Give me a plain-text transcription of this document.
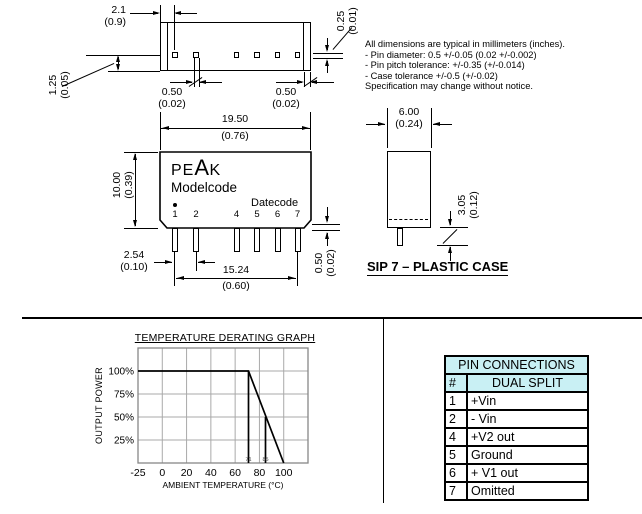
1	2	4	5	6	7
PEAK
Modelcode
Datecode
2.1
(0.9)
1.25 (0.05)	0.50
(0.02)
0.50
(0.02)
0.25 (0.01)
19.50
(0.76)
10.00 (0.39)
2.54
(0.10)	15.24
(0.60)
0.50 (0.02)
6.00
(0.24)
3.05 (0.12)
All dimensions are typical in millimeters (inches).
- Pin diameter: 0.5 +/-0.05 (0.02 +/-0.002)
- Pin pitch tolerance: +/-0.35 (+/-0.014)
- Case tolerance +/-0.5 (+/-0.02)
Specification may change without notice.
SIP 7 – PLASTIC CASE
100%
75%
50%
25%
-25 0 20 40 60 80 100
71 85
OUTPUT POWER
AMBIENT TEMPERATURE (°C)
TEMPERATURE DERATING GRAPH
PIN CONNECTIONS	
#	DUAL SPLIT
1	+Vin
2	- Vin
4	+V2 out
5	Ground
6	+ V1 out
7	Omitted
